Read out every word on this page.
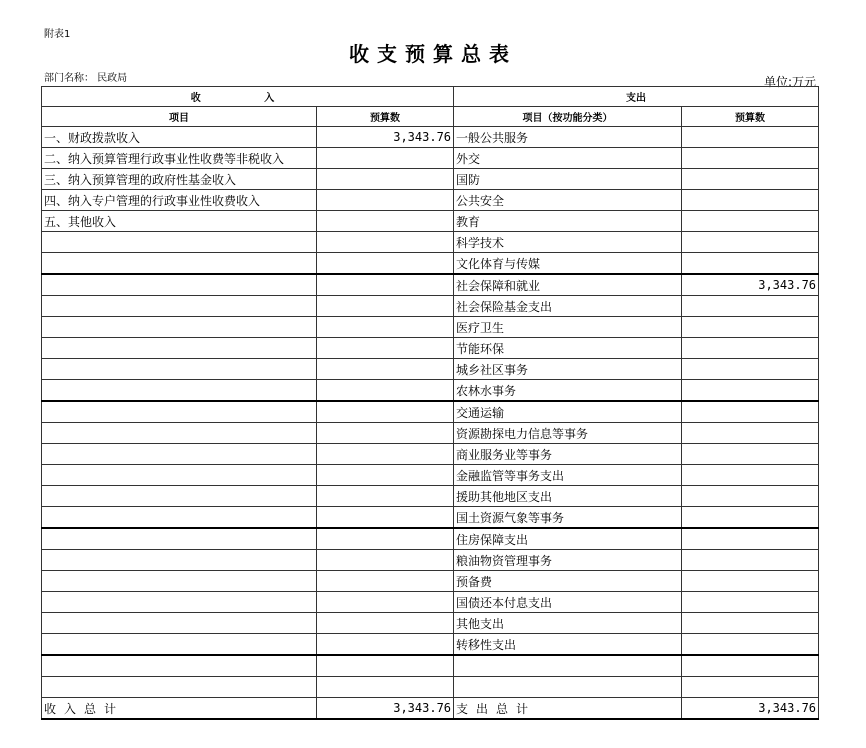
附表1
收支预算总表
部门名称： 民政局	单位:万元
收 入		支出	
项目	预算数	项目（按功能分类）	预算数
一、财政拨款收入	3,343.76	一般公共服务	
二、纳入预算管理行政事业性收费等非税收入		外交	
三、纳入预算管理的政府性基金收入		国防	
四、纳入专户管理的行政事业性收费收入		公共安全	
五、其他收入		教育	
		科学技术	
		文化体育与传媒	
		社会保障和就业	3,343.76
		社会保险基金支出	
		医疗卫生	
		节能环保	
		城乡社区事务	
		农林水事务	
		交通运输	
		资源勘探电力信息等事务	
		商业服务业等事务	
		金融监管等事务支出	
		援助其他地区支出	
		国土资源气象等事务	
		住房保障支出	
		粮油物资管理事务	
		预备费	
		国债还本付息支出	
		其他支出	
		转移性支出	

收入总计	3,343.76	支出总计	3,343.76
